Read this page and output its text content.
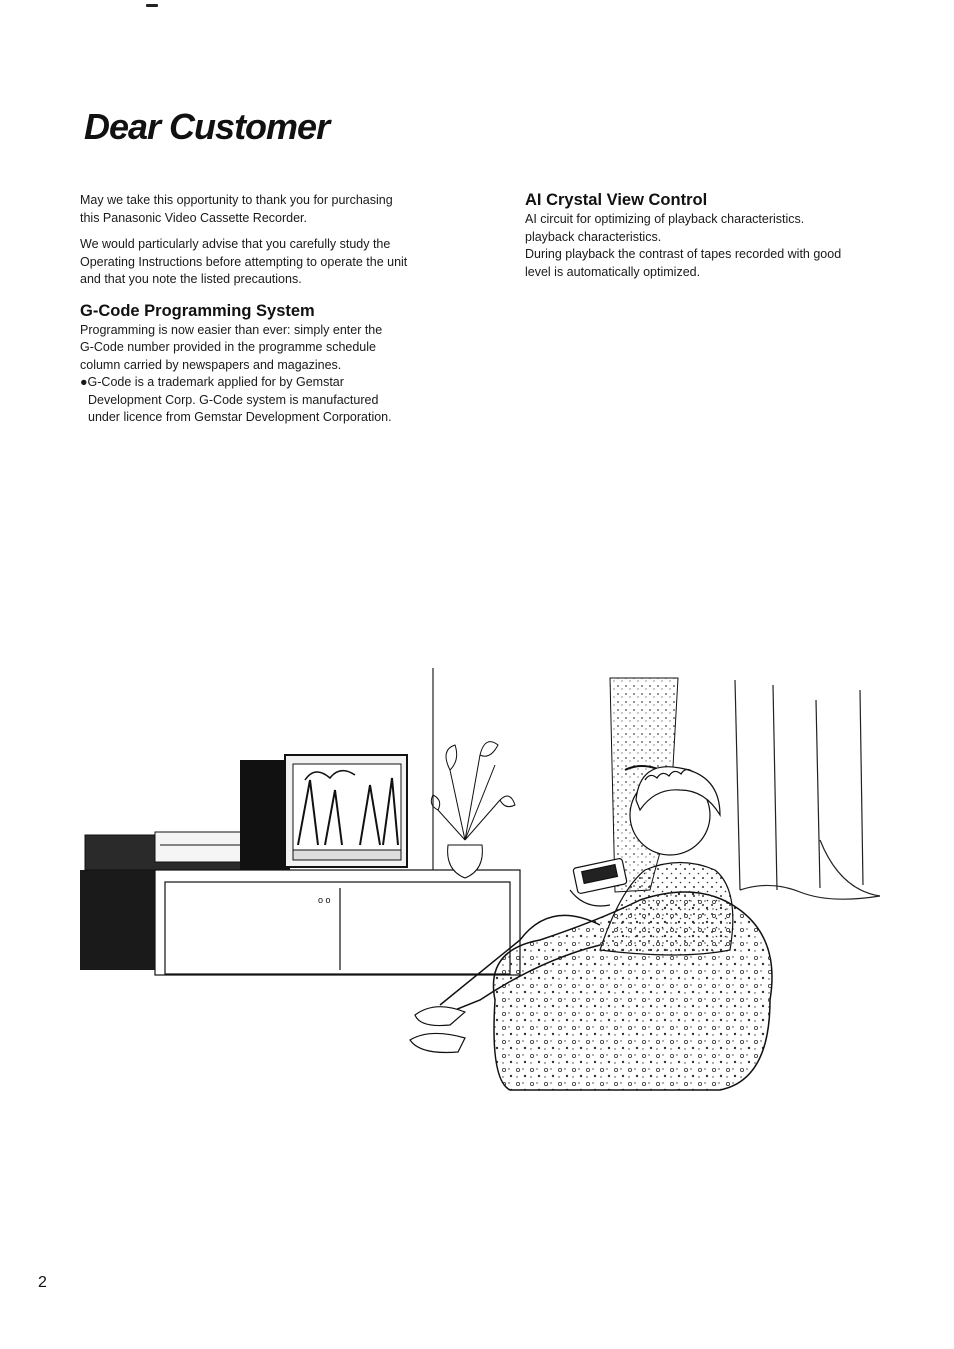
Dear Customer

May we take this opportunity to thank you for purchasing
this Panasonic Video Cassette Recorder.

We would particularly advise that you carefully study the
Operating Instructions before attempting to operate the unit
and that you note the listed precautions.

G-Code Programming System

Programming is now easier than ever: simply enter the
G-Code number provided in the programme schedule
column carried by newspapers and magazines.

●G-Code is a trademark applied for by Gemstar

Development Corp. G-Code system is manufactured
under licence from Gemstar Development Corporation.

AI Crystal View Control

AI circuit for optimizing of playback characteristics.
playback characteristics.
During playback the contrast of tapes recorded with good
level is automatically optimized.

o o
2
